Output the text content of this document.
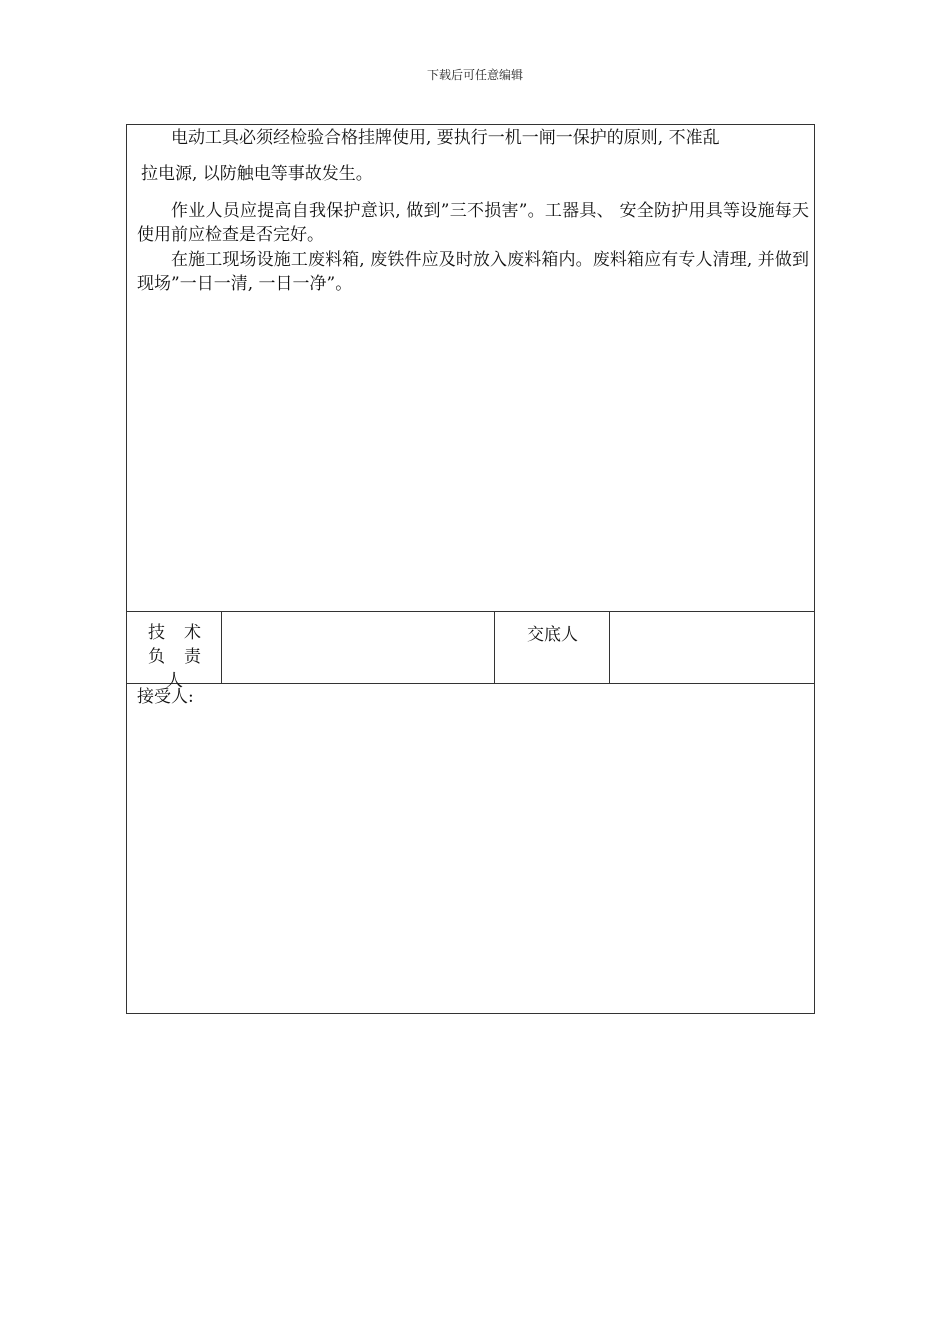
下载后可任意编辑

电动工具必须经检验合格挂牌使用, 要执行一机一闸一保护的原则, 不准乱
拉电源, 以防触电等事故发生。

作业人员应提高自我保护意识, 做到”三不损害”。工器具、 安全防护用具等设施每天使用前应检查是否完好。

在施工现场设施工废料箱, 废铁件应及时放入废料箱内。废料箱应有专人清理, 并做到现场”一日一清, 一日一净”。

技 术
负 责 人
交底人
接受人:
